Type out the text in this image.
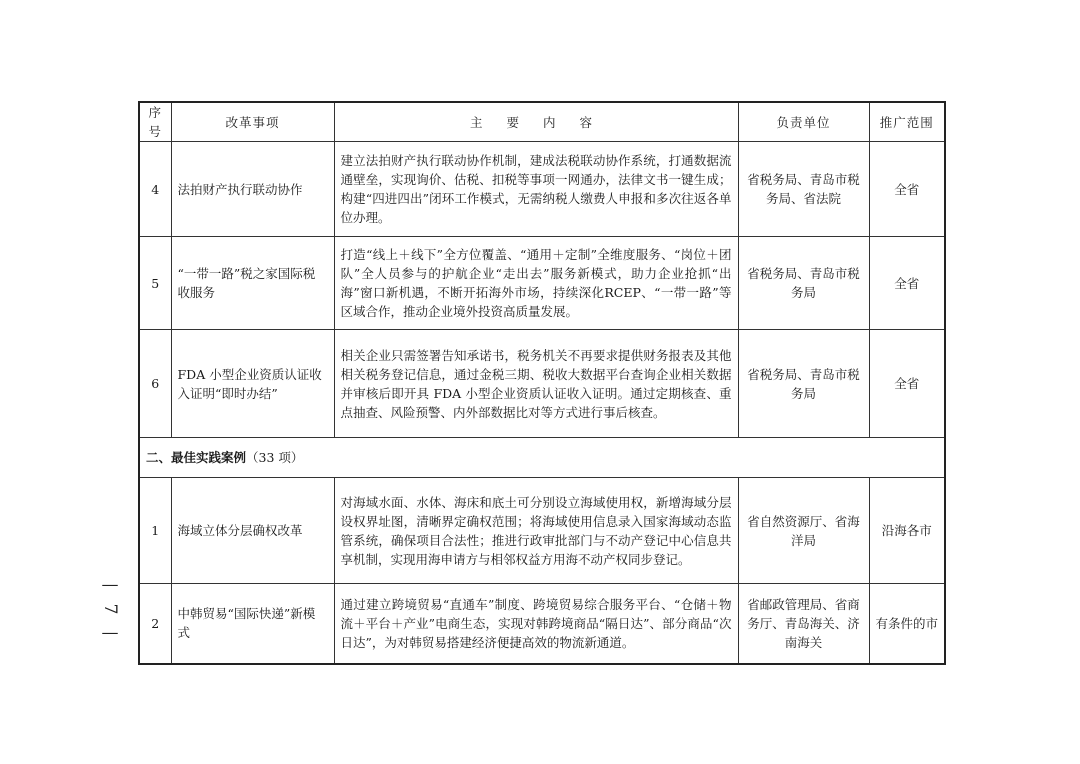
序号	改革事项	主 要 内 容	负责单位	推广范围
4	法拍财产执行联动协作	建立法拍财产执行联动协作机制，建成法税联动协作系统，打通数据流通壁垒，实现询价、估税、扣税等事项一网通办，法律文书一键生成；构建“四进四出”闭环工作模式，无需纳税人缴费人申报和多次往返各单位办理。	省税务局、青岛市税务局、省法院	全省
5	“一带一路”税之家国际税收服务	打造“线上＋线下”全方位覆盖、“通用＋定制”全维度服务、“岗位＋团队”全人员参与的护航企业“走出去”服务新模式，助力企业抢抓“出海”窗口新机遇，不断开拓海外市场，持续深化RCEP、“一带一路”等区域合作，推动企业境外投资高质量发展。	省税务局、青岛市税务局	全省
6	FDA 小型企业资质认证收入证明“即时办结”	相关企业只需签署告知承诺书，税务机关不再要求提供财务报表及其他相关税务登记信息，通过金税三期、税收大数据平台查询企业相关数据并审核后即开具 FDA 小型企业资质认证收入证明。通过定期核查、重点抽查、风险预警、内外部数据比对等方式进行事后核查。	省税务局、青岛市税务局	全省
二、最佳实践案例（33 项）				
1	海域立体分层确权改革	对海域水面、水体、海床和底土可分别设立海域使用权，新增海域分层设权界址图，清晰界定确权范围；将海域使用信息录入国家海域动态监管系统，确保项目合法性；推进行政审批部门与不动产登记中心信息共享机制，实现用海申请方与相邻权益方用海不动产权同步登记。	省自然资源厅、省海洋局	沿海各市
2	中韩贸易“国际快递”新模式	通过建立跨境贸易“直通车”制度、跨境贸易综合服务平台、“仓储＋物流＋平台＋产业”电商生态，实现对韩跨境商品“隔日达”、部分商品“次日达”，为对韩贸易搭建经济便捷高效的物流新通道。	省邮政管理局、省商务厅、青岛海关、济南海关	有条件的市
—
7
—
